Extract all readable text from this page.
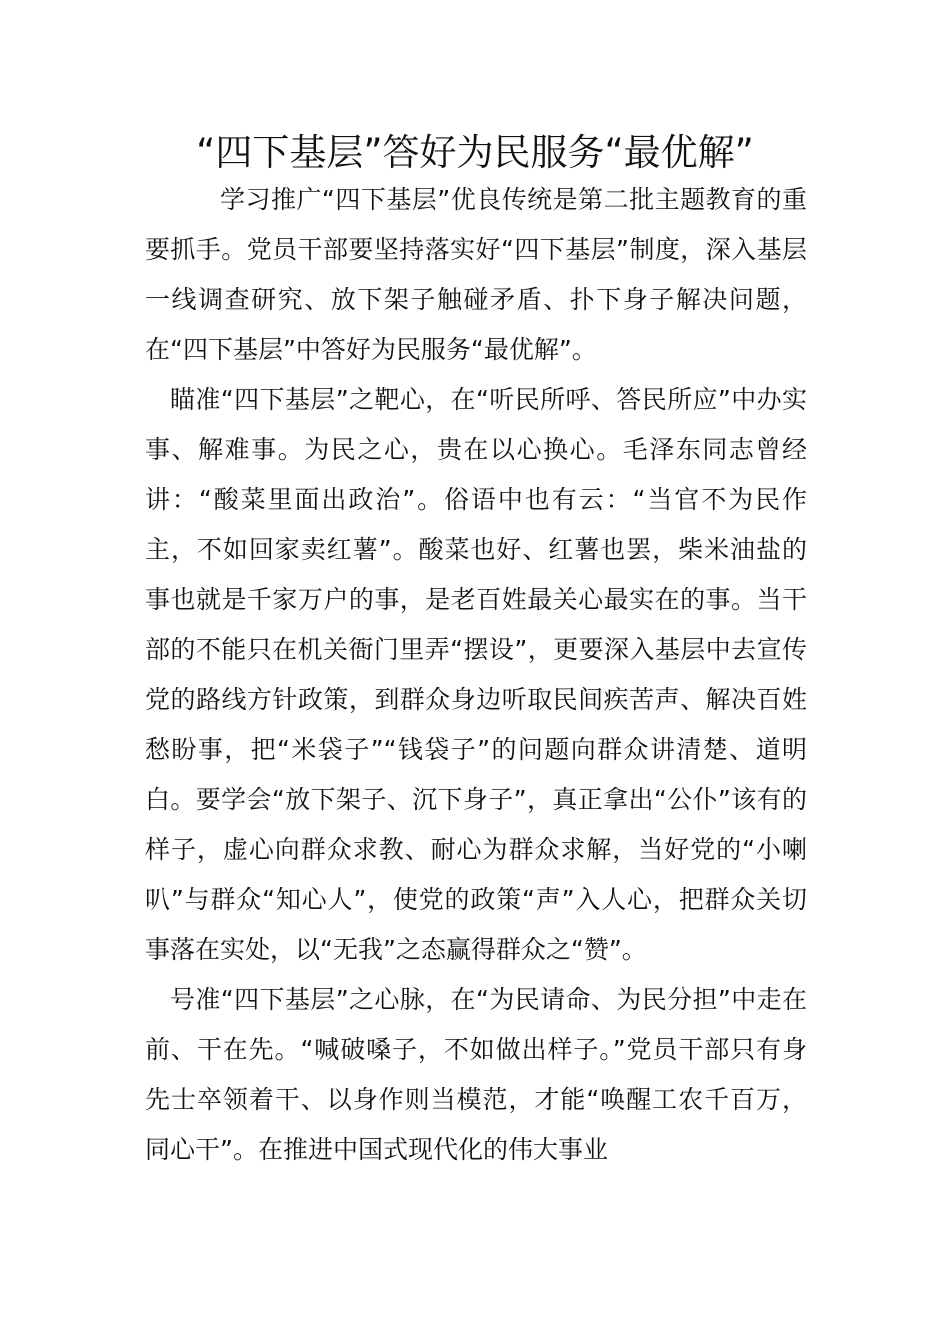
“四下基层”答好为民服务“最优解”

学习推广“四下基层”优良传统是第二批主题教育的重要抓手。党员干部要坚持落实好“四下基层”制度，深入基层一线调查研究、放下架子触碰矛盾、扑下身子解决问题，在“四下基层”中答好为民服务“最优解”。

瞄准“四下基层”之靶心，在“听民所呼、答民所应”中办实事、解难事。为民之心，贵在以心换心。毛泽东同志曾经讲：“酸菜里面出政治”。俗语中也有云：“当官不为民作主，不如回家卖红薯”。酸菜也好、红薯也罢，柴米油盐的事也就是千家万户的事，是老百姓最关心最实在的事。当干部的不能只在机关衙门里弄“摆设”，更要深入基层中去宣传党的路线方针政策，到群众身边听取民间疾苦声、解决百姓愁盼事，把“米袋子”“钱袋子”的问题向群众讲清楚、道明白。要学会“放下架子、沉下身子”，真正拿出“公仆”该有的样子，虚心向群众求教、耐心为群众求解，当好党的“小喇叭”与群众“知心人”，使党的政策“声”入人心，把群众关切事落在实处，以“无我”之态赢得群众之“赞”。

号准“四下基层”之心脉，在“为民请命、为民分担”中走在前、干在先。“喊破嗓子，不如做出样子。”党员干部只有身先士卒领着干、以身作则当模范，才能“唤醒工农千百万，同心干”。在推进中国式现代化的伟大事业
